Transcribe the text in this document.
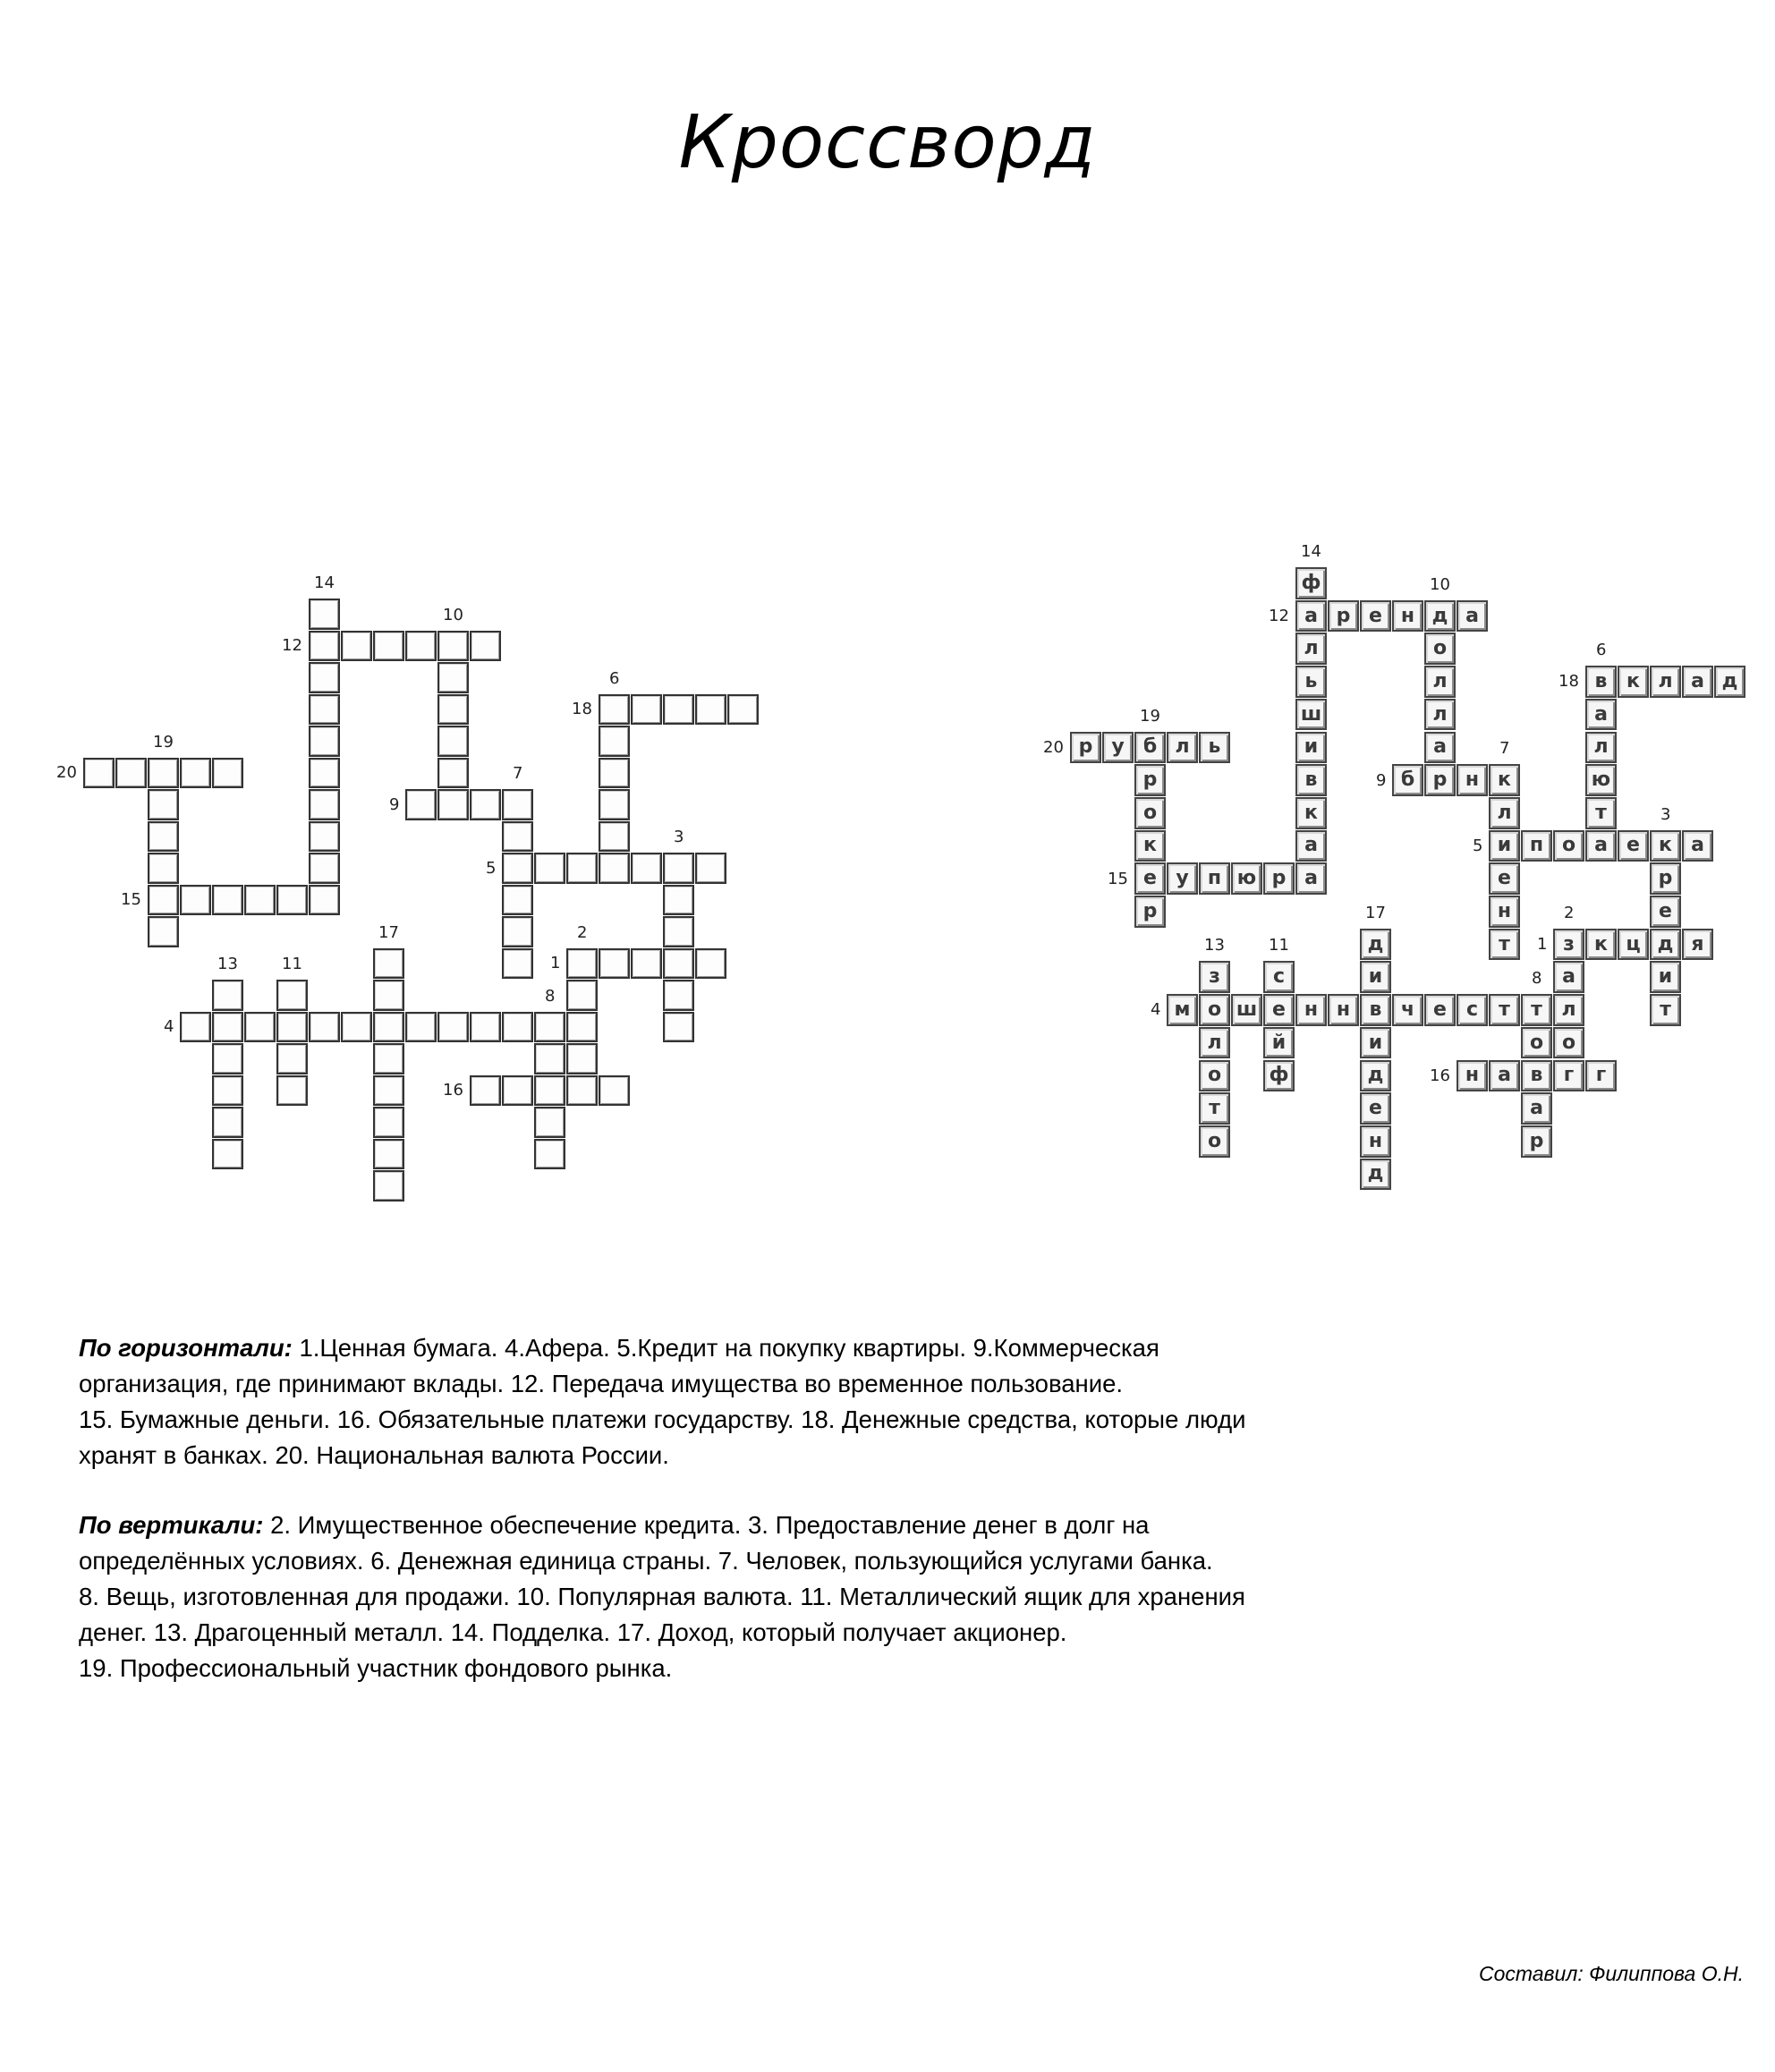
Кроссворд
1
4
5
9
12
15
16
18
20
2
3
6
7
8
10
11
13
14
17
19
1
4
5
9
12
15
16
18
20
2
3
6
7
8
10
11
13
14
17
19
з	к ц д я
м о ш е н н в ч е	с	т	т л
и п о а е к а
б р н к
а р е н д а
е у п ю р а
н а в	г	г
в к л а д
р у б л ь
а
о
р
е
и
т
а
л
ю
т
л
е
н
т
о
а
р
о
л
л
а
с
й
ф
з
л
о
т
о
ф
л
ь
ш
и
в
к
а
д
и
и
д
е
н
д
р
о
к
р

По горизонтали: 1.Ценная бумага. 4.Афера. 5.Кредит на покупку квартиры. 9.Коммерческая
организация, где принимают вклады. 12. Передача имущества во временное пользование.
15. Бумажные деньги. 16. Обязательные платежи государству. 18. Денежные средства, которые люди
хранят в банках. 20. Национальная валюта России.

По вертикали: 2. Имущественное обеспечение кредита. 3. Предоставление денег в долг на
определённых условиях. 6. Денежная единица страны. 7. Человек, пользующийся услугами банка.
8. Вещь, изготовленная для продажи. 10. Популярная валюта. 11. Металлический ящик для хранения
денег. 13. Драгоценный металл. 14. Подделка. 17. Доход, который получает акционер.
19. Профессиональный участник фондового рынка.

Составил: Филиппова О.Н.
